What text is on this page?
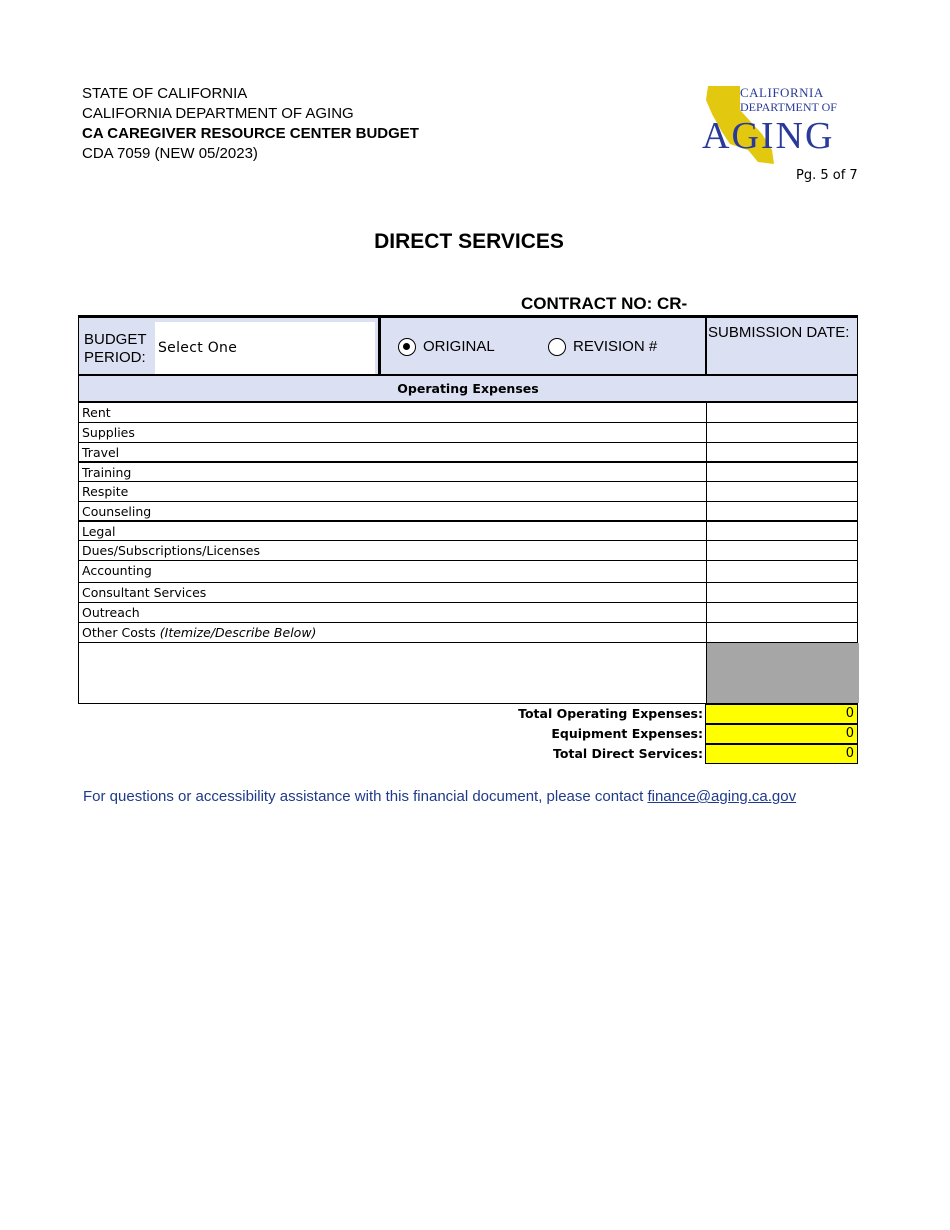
STATE OF CALIFORNIA
CALIFORNIA DEPARTMENT OF AGING
CA CAREGIVER RESOURCE CENTER BUDGET
CDA 7059 (NEW 05/2023)
CALIFORNIA
DEPARTMENT OF
AGING
Pg. 5 of 7
DIRECT SERVICES
CONTRACT NO: CR-
BUDGET
PERIOD:
Select One	ORIGINAL	REVISION #
SUBMISSION DATE:
Operating Expenses
Rent
Supplies
Travel
Training
Respite
Counseling
Legal
Dues/Subscriptions/Licenses
Accounting
Consultant Services
Outreach
Other Costs (Itemize/Describe Below)
Total Operating Expenses:	0
Equipment Expenses:	0
Total Direct Services:	0
For questions or accessibility assistance with this financial document, please contact finance@aging.ca.gov
